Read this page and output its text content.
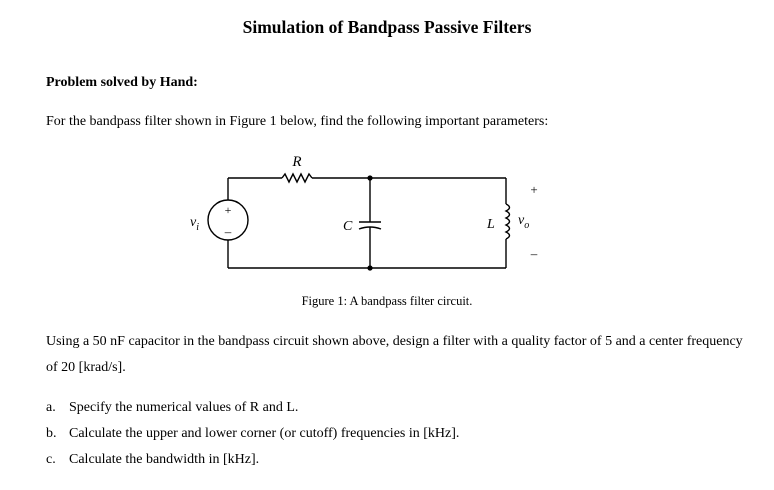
Simulation of Bandpass Passive Filters
Problem solved by Hand:
For the bandpass filter shown in Figure 1 below, find the following important parameters:
R
+
–
$v_i$	C	L
+
$v_o$
–
Figure 1: A bandpass filter circuit.
Using a 50 nF capacitor in the bandpass circuit shown above, design a filter with a quality factor of 5 and a center frequency of 20 [krad/s].
a. Specify the numerical values of R and L.
b. Calculate the upper and lower corner (or cutoff) frequencies in [kHz].
c. Calculate the bandwidth in [kHz].
